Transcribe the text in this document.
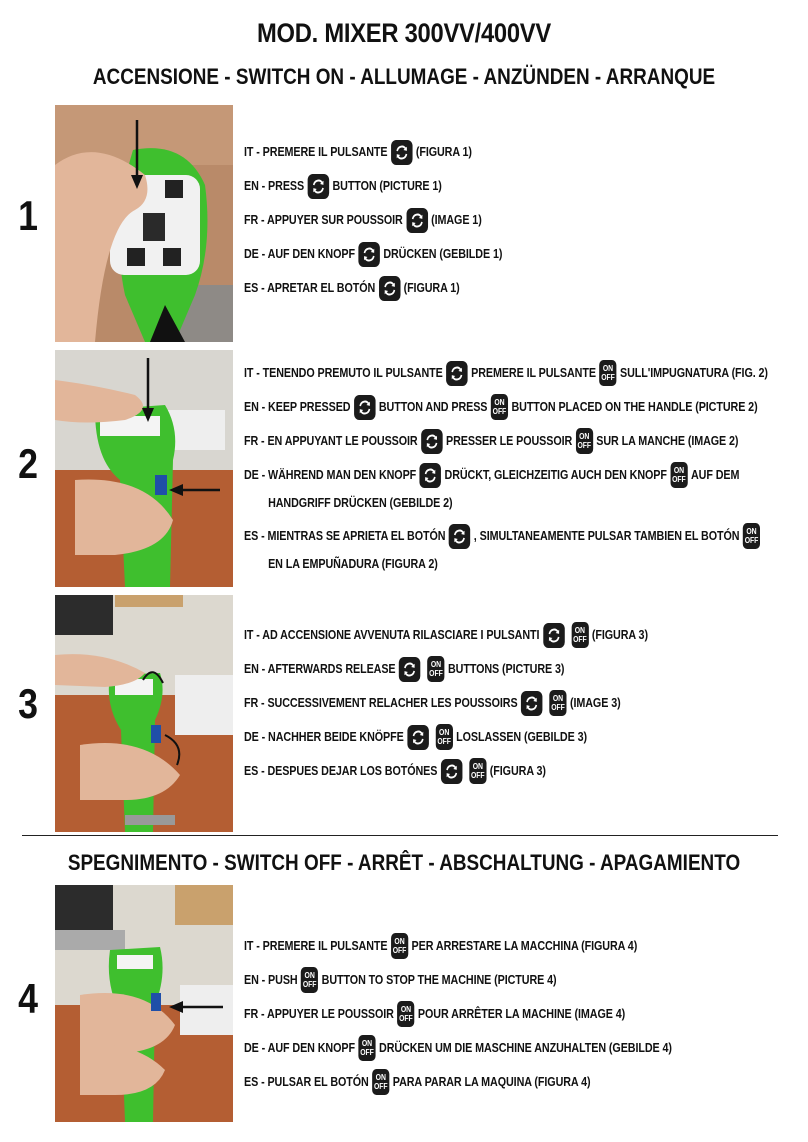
MOD. MIXER 300VV/400VV
ACCENSIONE - SWITCH ON - ALLUMAGE - ANZÜNDEN - ARRANQUE
1
2
3
4
IT - PREMERE IL PULSANTE (FIGURA 1)
EN - PRESS BUTTON (PICTURE 1)
FR - APPUYER SUR POUSSOIR (IMAGE 1)
DE - AUF DEN KNOPF DRÜCKEN (GEBILDE 1)
ES - APRETAR EL BOTÓN (FIGURA 1)
IT - TENENDO PREMUTO IL PULSANTE PREMERE IL PULSANTE ON
OFF SULL'IMPUGNATURA (FIG. 2)
EN - KEEP PRESSED BUTTON AND PRESS ON
OFF BUTTON PLACED ON THE HANDLE (PICTURE 2)
FR - EN APPUYANT LE POUSSOIR PRESSER LE POUSSOIR ON
OFF SUR LA MANCHE (IMAGE 2)
DE - WÄHREND MAN DEN KNOPF DRÜCKT, GLEICHZEITIG AUCH DEN KNOPF ON
OFF AUF DEM
HANDGRIFF DRÜCKEN (GEBILDE 2)
ES - MIENTRAS SE APRIETA EL BOTÓN , SIMULTANEAMENTE PULSAR TAMBIEN EL BOTÓN ON
OFF
EN LA EMPUÑADURA (FIGURA 2)
IT - AD ACCENSIONE AVVENUTA RILASCIARE I PULSANTI	ON
OFF (FIGURA 3)
EN - AFTERWARDS RELEASE	ON
OFF BUTTONS (PICTURE 3)
FR - SUCCESSIVEMENT RELACHER LES POUSSOIRS	ON
OFF (IMAGE 3)
DE - NACHHER BEIDE KNÖPFE	ON
OFF LOSLASSEN (GEBILDE 3)
ES - DESPUES DEJAR LOS BOTÓNES	ON
OFF (FIGURA 3)
SPEGNIMENTO - SWITCH OFF - ARRÊT - ABSCHALTUNG - APAGAMIENTO
IT - PREMERE IL PULSANTE ON
OFF PER ARRESTARE LA MACCHINA (FIGURA 4)
EN - PUSH ON
OFF BUTTON TO STOP THE MACHINE (PICTURE 4)
FR - APPUYER LE POUSSOIR ON
OFF POUR ARRÊTER LA MACHINE (IMAGE 4)
DE - AUF DEN KNOPF ON
OFF DRÜCKEN UM DIE MASCHINE ANZUHALTEN (GEBILDE 4)
ES - PULSAR EL BOTÓN ON
OFF PARA PARAR LA MAQUINA (FIGURA 4)
